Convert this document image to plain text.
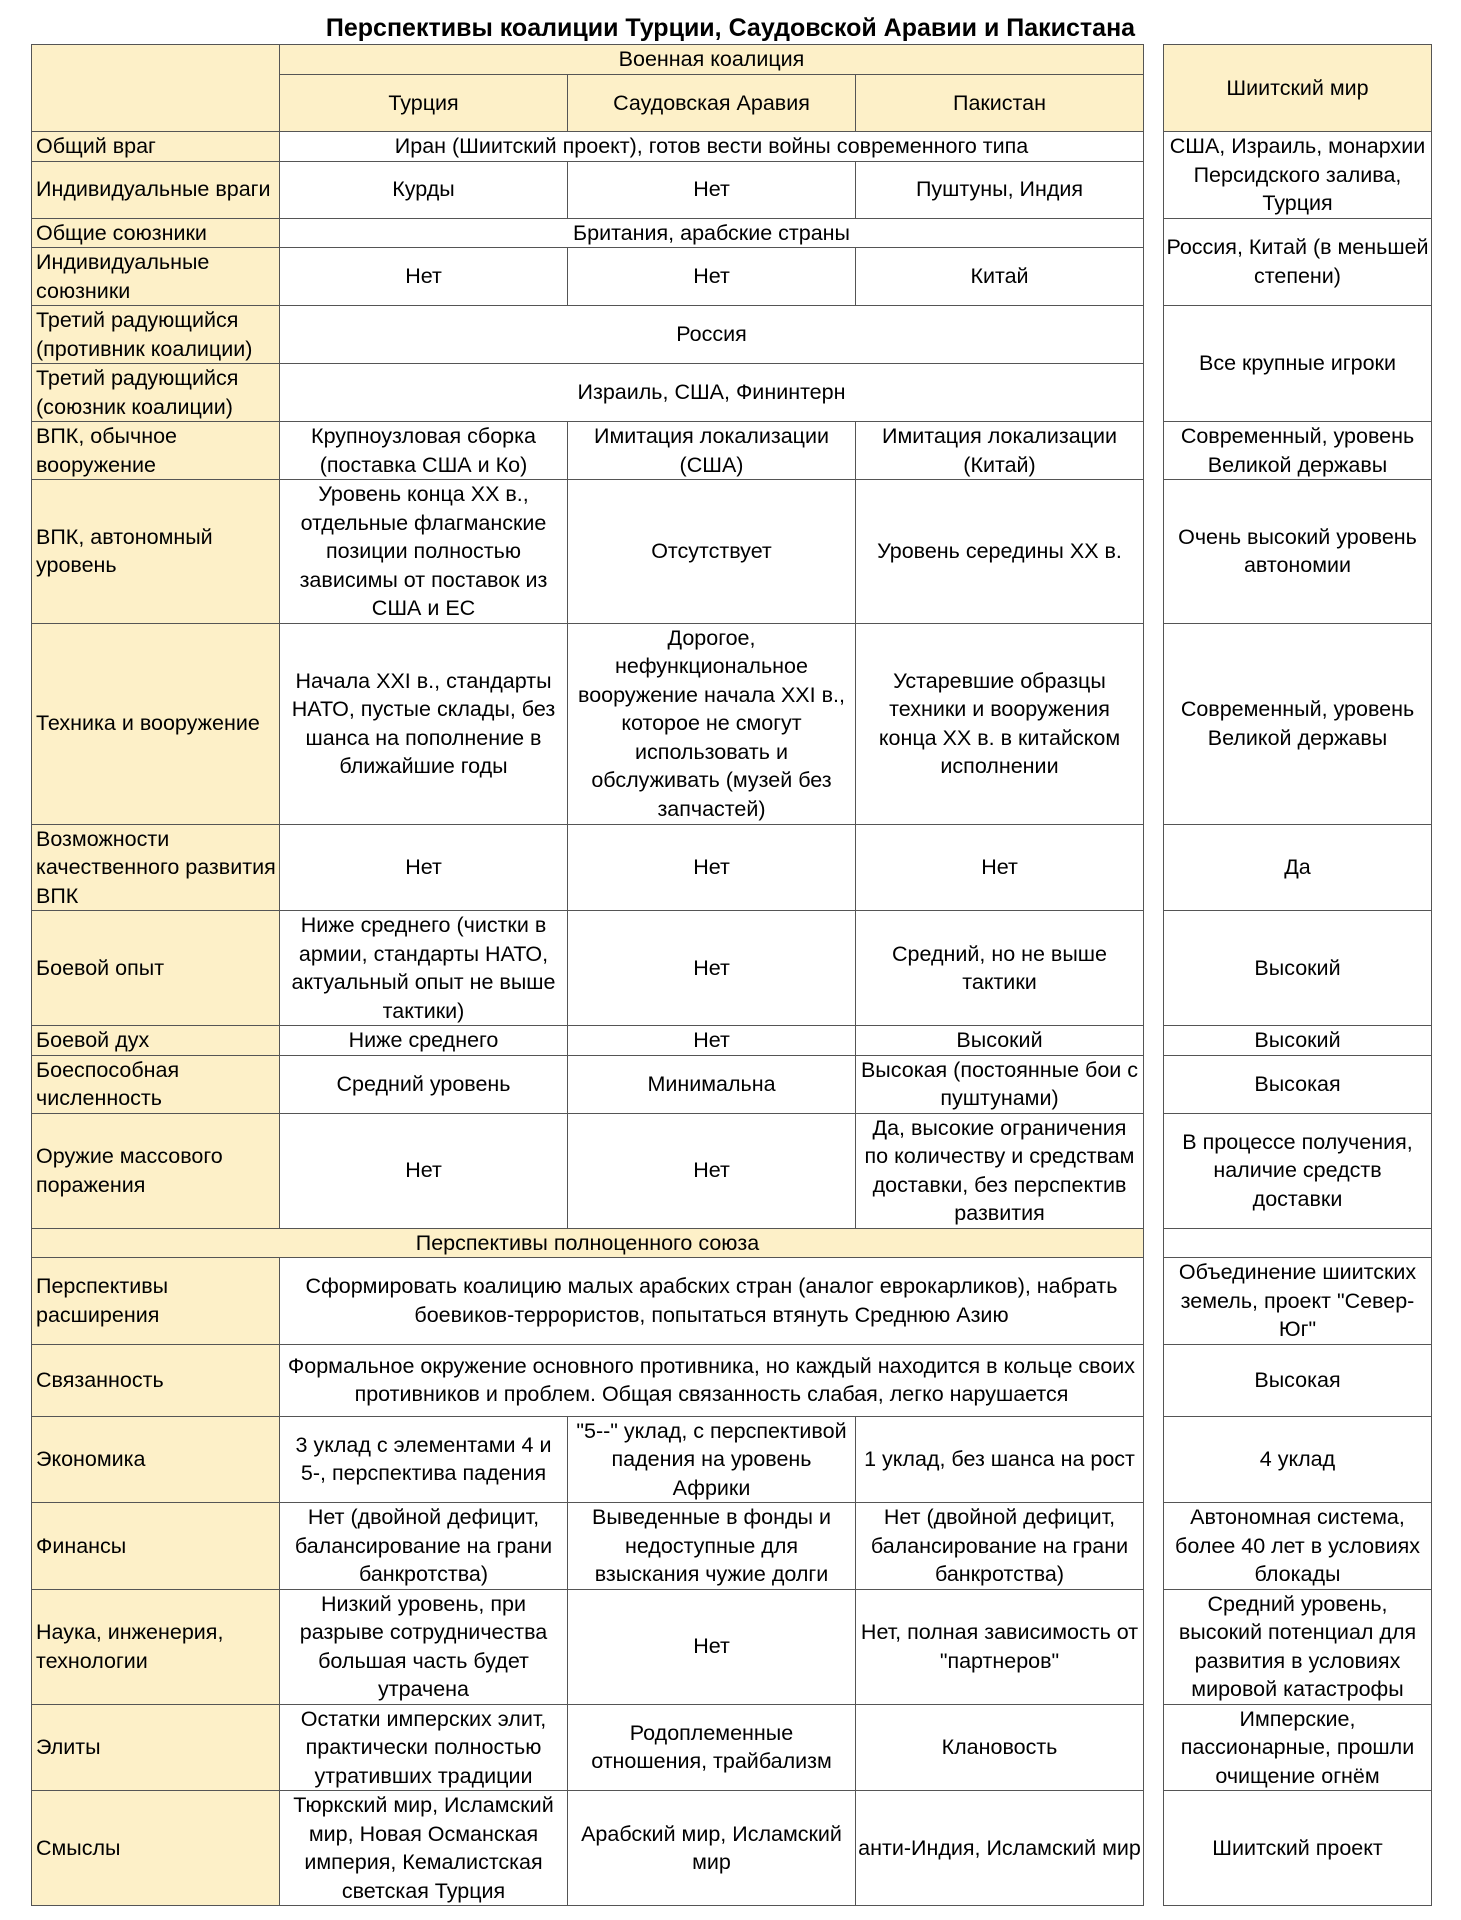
Перспективы коалиции Турции, Саудовской Аравии и Пакистана
	Военная коалиция				Шиитский мир
	Турция	Саудовская Аравия	Пакистан		
Общий враг	Иран (Шиитский проект), готов вести войны современного типа				США, Израиль, монархии Персидского залива, Турция
Индивидуальные враги	Курды	Нет	Пуштуны, Индия		
Общие союзники	Британия, арабские страны				Россия, Китай (в меньшей степени)
Индивидуальные союзники	Нет	Нет	Китай		
Третий радующийся (противник коалиции)	Россия				Все крупные игроки
Третий радующийся (союзник коалиции)	Израиль, США, Фининтерн				
ВПК, обычное вооружение	Крупноузловая сборка (поставка США и Ко)	Имитация локализации (США)	Имитация локализации (Китай)		Современный, уровень Великой державы
ВПК, автономный уровень	Уровень конца XX в., отдельные флагманские позиции полностью зависимы от поставок из США и ЕС	Отсутствует	Уровень середины XX в.		Очень высокий уровень автономии
Техника и вооружение	Начала XXI в., стандарты НАТО, пустые склады, без шанса на пополнение в ближайшие годы	Дорогое, нефункциональное вооружение начала XXI в., которое не смогут использовать и обслуживать (музей без запчастей)	Устаревшие образцы техники и вооружения конца XX в. в китайском исполнении		Современный, уровень Великой державы
Возможности качественного развития ВПК	Нет	Нет	Нет		Да
Боевой опыт	Ниже среднего (чистки в армии, стандарты НАТО, актуальный опыт не выше тактики)	Нет	Средний, но не выше тактики		Высокий
Боевой дух	Ниже среднего	Нет	Высокий		Высокий
Боеспособная численность	Средний уровень	Минимальна	Высокая (постоянные бои с пуштунами)		Высокая
Оружие массового поражения	Нет	Нет	Да, высокие ограничения по количеству и средствам доставки, без перспектив развития		В процессе получения, наличие средств доставки
Перспективы полноценного союза					
Перспективы расширения	Сформировать коалицию малых арабских стран (аналог еврокарликов), набрать боевиков-террористов, попытаться втянуть Среднюю Азию				Объединение шиитских земель, проект "Север-Юг"
Связанность	Формальное окружение основного противника, но каждый находится в кольце своих противников и проблем. Общая связанность слабая, легко нарушается				Высокая
Экономика	3 уклад с элементами 4 и 5-, перспектива падения	"5--" уклад, с перспективой падения на уровень Африки	1 уклад, без шанса на рост		4 уклад
Финансы	Нет (двойной дефицит, балансирование на грани банкротства)	Выведенные в фонды и недоступные для взыскания чужие долги	Нет (двойной дефицит, балансирование на грани банкротства)		Автономная система, более 40 лет в условиях блокады
Наука, инженерия, технологии	Низкий уровень, при разрыве сотрудничества большая часть будет утрачена	Нет	Нет, полная зависимость от "партнеров"		Средний уровень, высокий потенциал для развития в условиях мировой катастрофы
Элиты	Остатки имперских элит, практически полностью утративших традиции	Родоплеменные отношения, трайбализм	Клановость		Имперские, пассионарные, прошли очищение огнём
Смыслы	Тюркский мир, Исламский мир, Новая Османская империя, Кемалистская светская Турция	Арабский мир, Исламский мир	анти-Индия, Исламский мир		Шиитский проект
